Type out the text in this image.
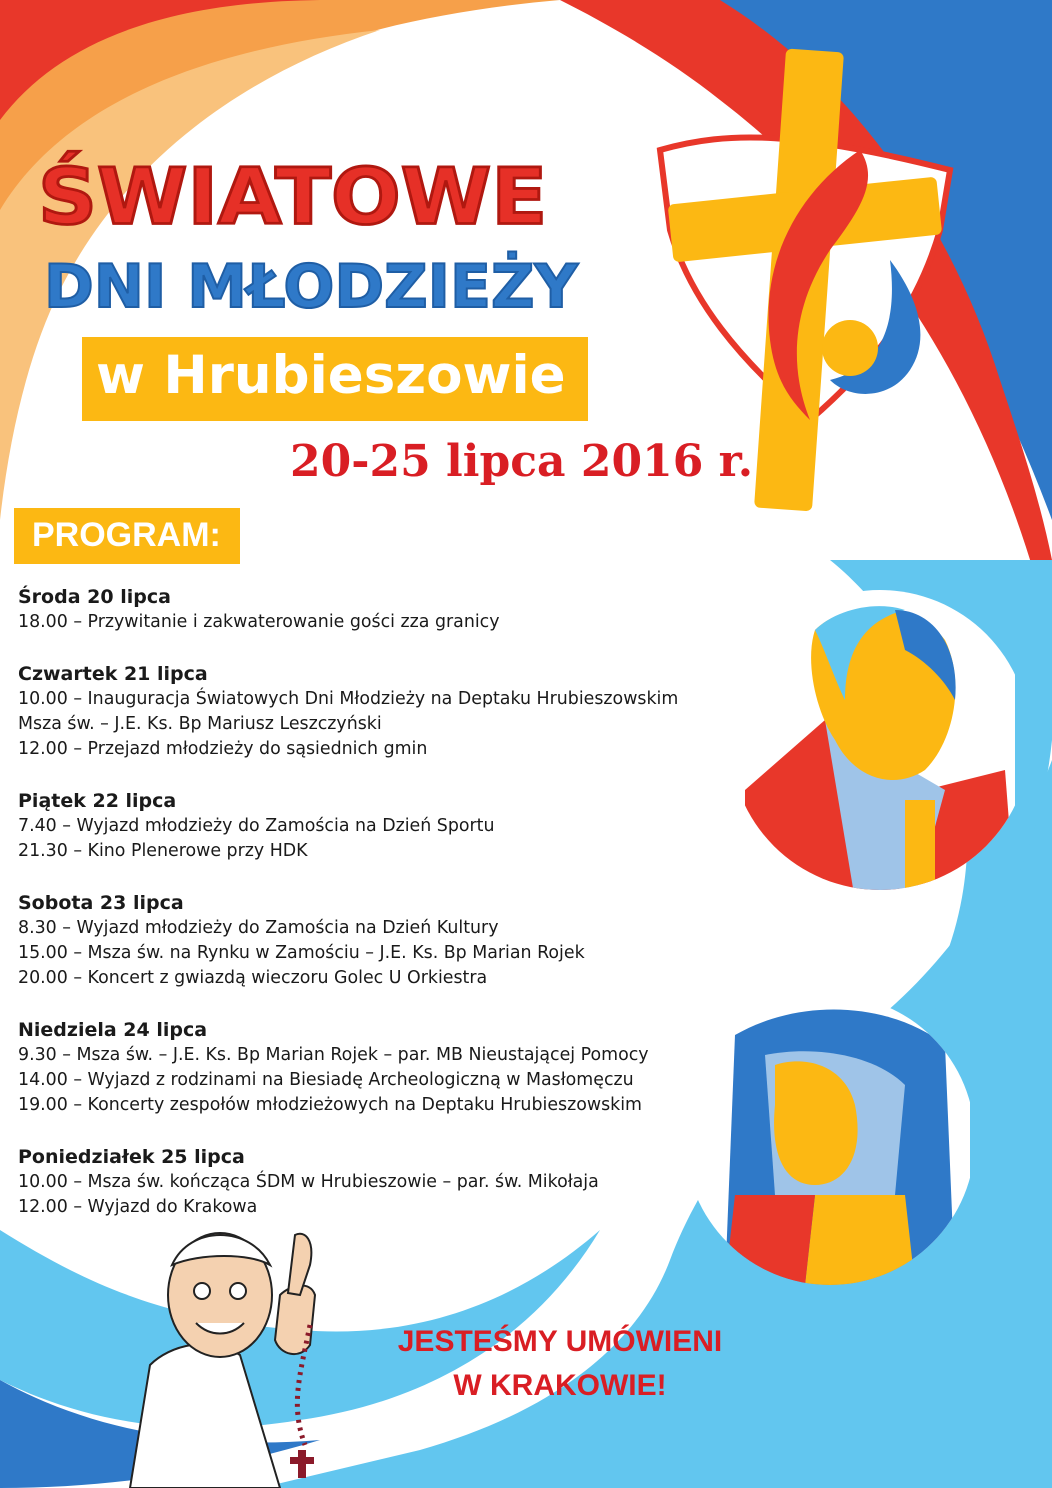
ŚWIATOWE
DNI MŁODZIEŻY
w Hrubieszowie
20-25 lipca 2016 r.
PROGRAM:
Środa 20 lipca
18.00 – Przywitanie i zakwaterowanie gości zza granicy
Czwartek 21 lipca
10.00 – Inauguracja Światowych Dni Młodzieży na Deptaku Hrubieszowskim
Msza św. – J.E. Ks. Bp Mariusz Leszczyński
12.00 – Przejazd młodzieży do sąsiednich gmin
Piątek 22 lipca
7.40 – Wyjazd młodzieży do Zamościa na Dzień Sportu
21.30 – Kino Plenerowe przy HDK
Sobota 23 lipca
8.30 – Wyjazd młodzieży do Zamościa na Dzień Kultury
15.00 – Msza św. na Rynku w Zamościu – J.E. Ks. Bp Marian Rojek
20.00 – Koncert z gwiazdą wieczoru Golec U Orkiestra
Niedziela 24 lipca
9.30 – Msza św. – J.E. Ks. Bp Marian Rojek – par. MB Nieustającej Pomocy
14.00 – Wyjazd z rodzinami na Biesiadę Archeologiczną w Masłomęczu
19.00 – Koncerty zespołów młodzieżowych na Deptaku Hrubieszowskim
Poniedziałek 25 lipca
10.00 – Msza św. kończąca ŚDM w Hrubieszowie – par. św. Mikołaja
12.00 – Wyjazd do Krakowa
JESTEŚMY UMÓWIENI
W KRAKOWIE!
